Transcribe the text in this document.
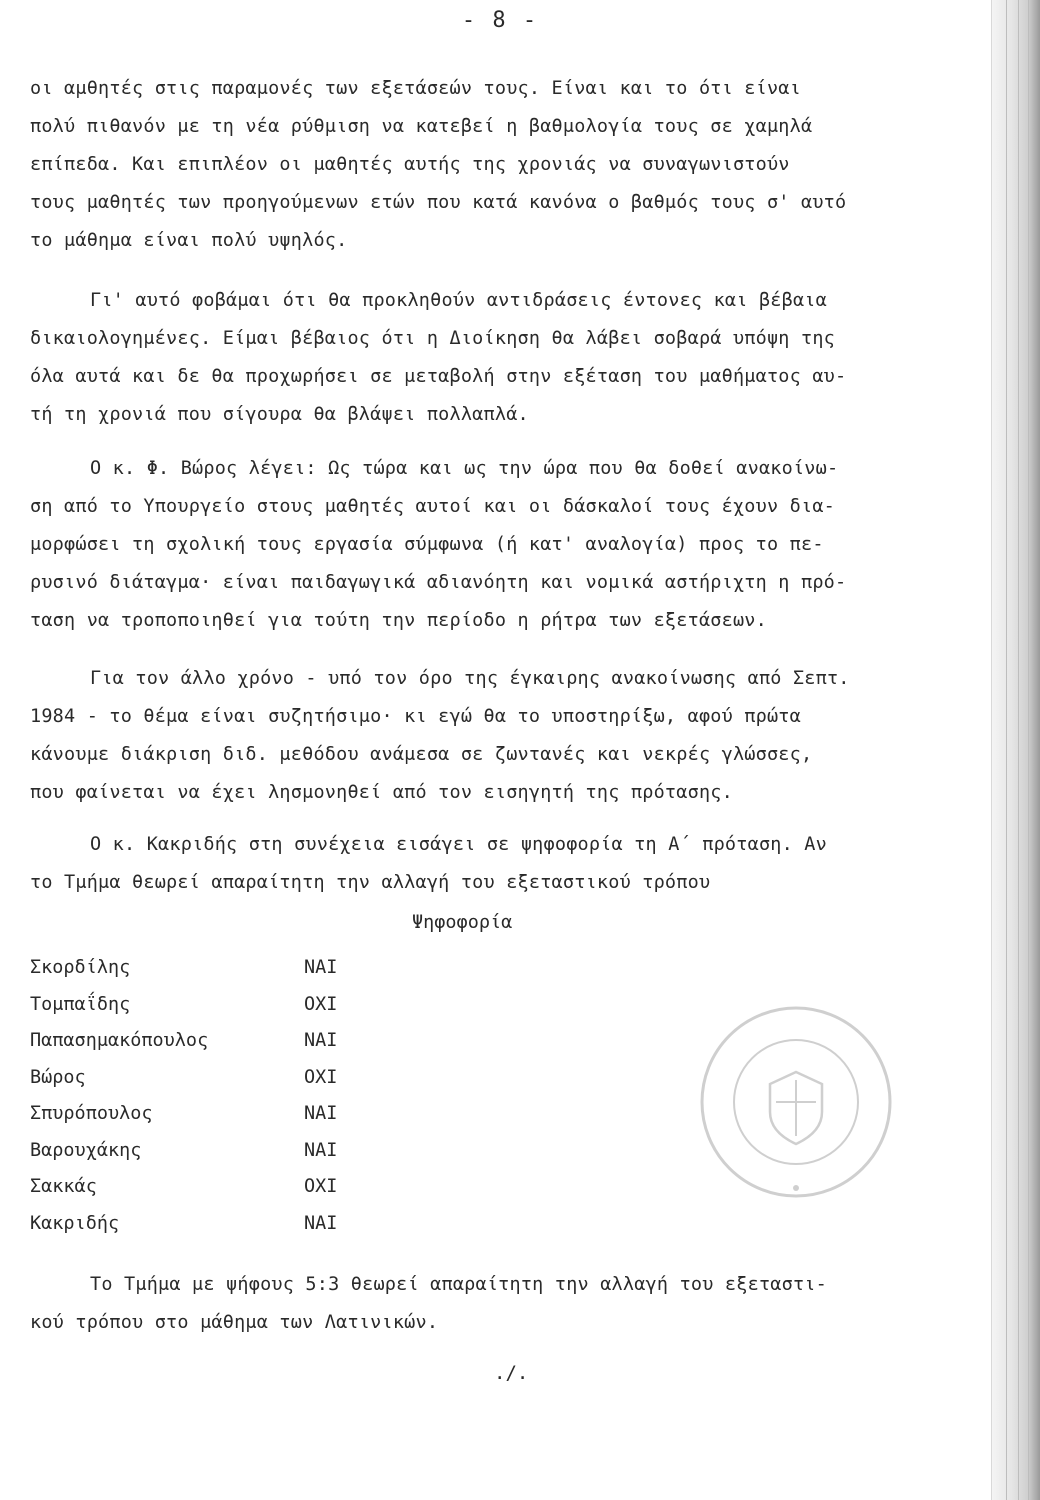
- 8 -
οι αμθητές στις παραμονές των εξετάσεών τους. Είναι και το ότι είναι
πολύ πιθανόν με τη νέα ρύθμιση να κατεβεί η βαθμολογία τους σε χαμηλά
επίπεδα. Και επιπλέον οι μαθητές αυτής της χρονιάς να συναγωνιστούν
τους μαθητές των προηγούμενων ετών που κατά κανόνα ο βαθμός τους σ' αυτό
το μάθημα είναι πολύ υψηλός.
Γι' αυτό φοβάμαι ότι θα προκληθούν αντιδράσεις έντονες και βέβαια
δικαιολογημένες. Είμαι βέβαιος ότι η Διοίκηση θα λάβει σοβαρά υπόψη της
όλα αυτά και δε θα προχωρήσει σε μεταβολή στην εξέταση του μαθήματος αυ-
τή τη χρονιά που σίγουρα θα βλάψει πολλαπλά.
Ο κ. Φ. Βώρος λέγει: Ως τώρα και ως την ώρα που θα δοθεί ανακοίνω-
ση από το Υπουργείο στους μαθητές αυτοί και οι δάσκαλοί τους έχουν δια-
μορφώσει τη σχολική τους εργασία σύμφωνα (ή κατ' αναλογία) προς το πε-
ρυσινό διάταγμα· είναι παιδαγωγικά αδιανόητη και νομικά αστήριχτη η πρό-
ταση να τροποποιηθεί για τούτη την περίοδο η ρήτρα των εξετάσεων.
Για τον άλλο χρόνο - υπό τον όρο της έγκαιρης ανακοίνωσης από Σεπτ.
1984 - το θέμα είναι συζητήσιμο· κι εγώ θα το υποστηρίξω, αφού πρώτα
κάνουμε διάκριση διδ. μεθόδου ανάμεσα σε ζωντανές και νεκρές γλώσσες,
που φαίνεται να έχει λησμονηθεί από τον εισηγητή της πρότασης.
Ο κ. Κακριδής στη συνέχεια εισάγει σε ψηφοφορία τη Α΄ πρόταση. Αν
το Τμήμα θεωρεί απαραίτητη την αλλαγή του εξεταστικού τρόπου
Ψηφοφορία
Σκορδίλης	ΝΑΙ
Τομπαΐδης	ΟΧΙ
Παπασημακόπουλος	ΝΑΙ
Βώρος	ΟΧΙ
Σπυρόπουλος	ΝΑΙ
Βαρουχάκης	ΝΑΙ
Σακκάς	ΟΧΙ
Κακριδής	ΝΑΙ
Το Τμήμα με ψήφους 5:3 θεωρεί απαραίτητη την αλλαγή του εξεταστι-
κού τρόπου στο μάθημα των Λατινικών.
./.
